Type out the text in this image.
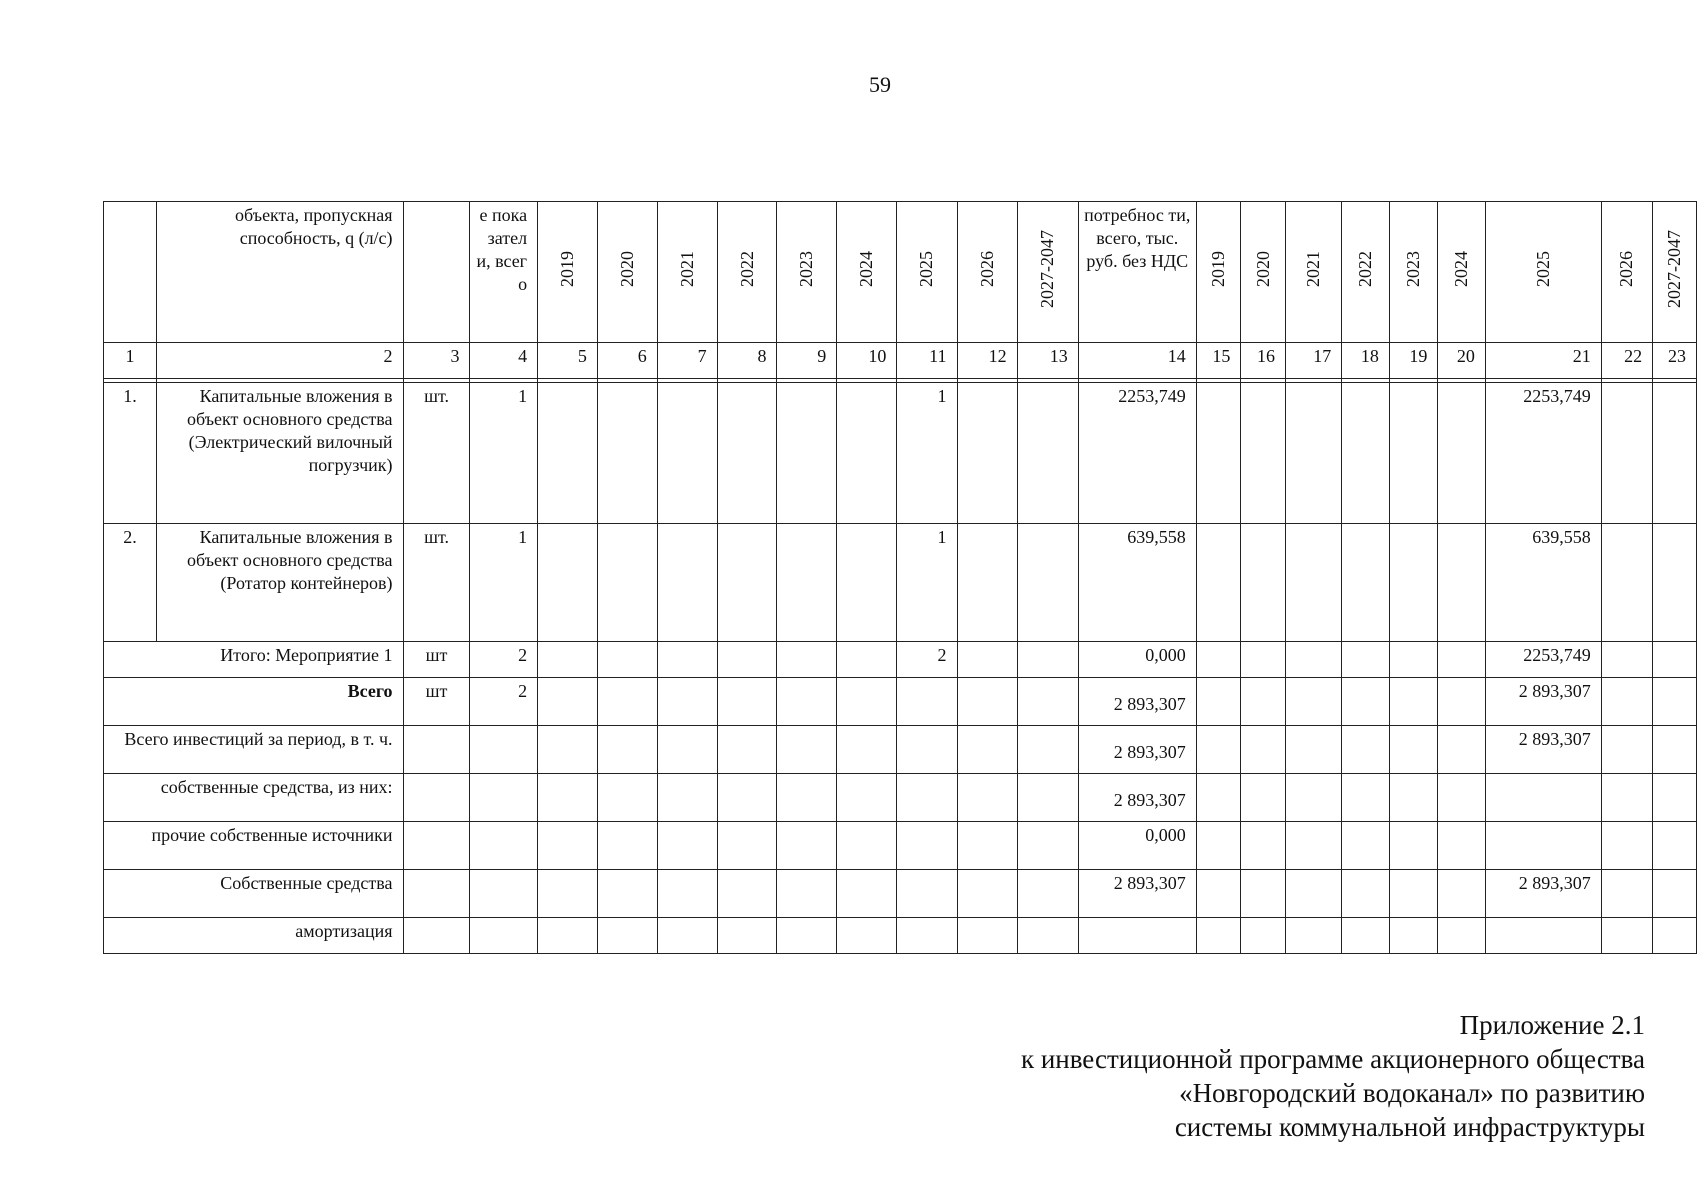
59
	объекта, пропускная способность, q (л/с)		е пока зател и, всег о	2019	2020	2021	2022	2023	2024	2025	2026	2027-2047	потребнос ти, всего, тыс. руб. без НДС	2019	2020	2021	2022	2023	2024	2025	2026	2027-2047
1	2	3	4	5	6	7	8	9	10	11	12	13	14	15	16	17	18	19	20	21	22	23

1.	Капитальные вложения в объект основного средства (Электрический вилочный погрузчик)	шт.	1							1			2253,749							2253,749		
2.	Капитальные вложения в объект основного средства (Ротатор контейнеров)	шт.	1							1			639,558							639,558		
Итого: Мероприятие 1		шт	2							2			0,000							2253,749		
Всего		шт	2										2 893,307							2 893,307		
Всего инвестиций за период, в т. ч.													2 893,307							2 893,307		
собственные средства, из них:													2 893,307									
прочие собственные источники													0,000									
Собственные средства													2 893,307							2 893,307		
амортизация																						
Приложение 2.1
к инвестиционной программе акционерного общества
«Новгородский водоканал» по развитию
системы коммунальной инфраструктуры
